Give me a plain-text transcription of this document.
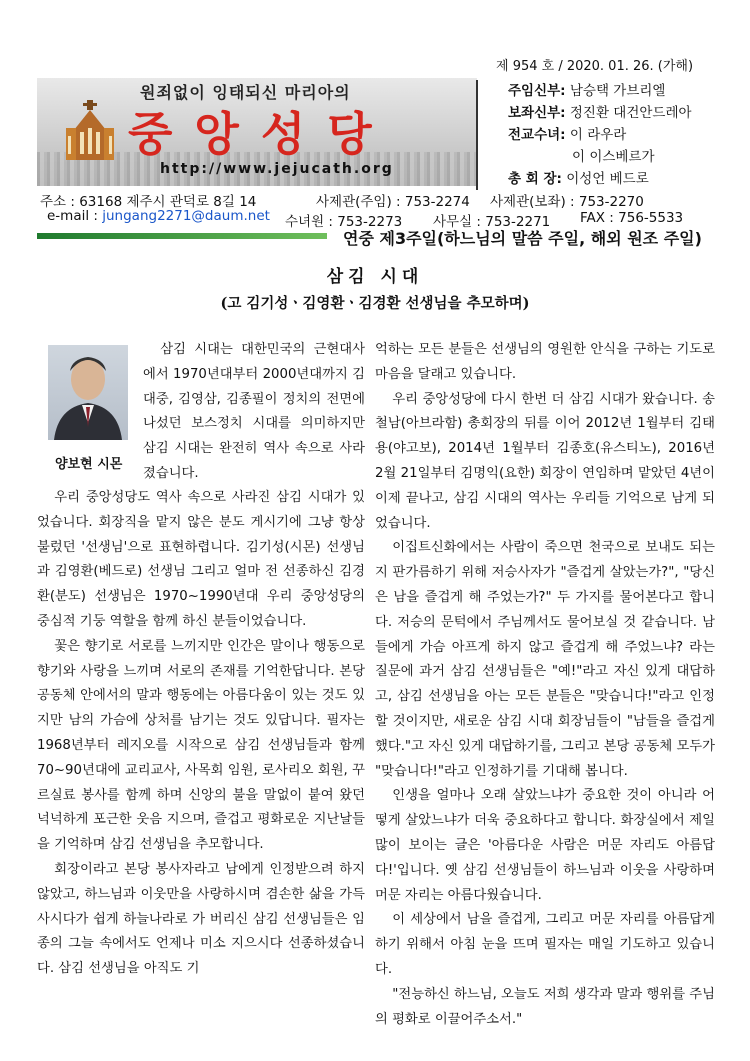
원죄없이 잉태되신 마리아의
중앙성당
http://www.jejucath.org
제 954 호 / 2020. 01. 26. (가해)
주임신부: 남승택 가브리엘
보좌신부: 정진환 대건안드레아
전교수녀: 이 라우라
이 이스베르가
총 회 장: 이성언 베드로
주소 : 63168 제주시 관덕로 8길 14	사제관(주임) : 753-2274 사제관(보좌) : 753-2270
e-mail : jungang2271@daum.net 수녀원 : 753-2273 사무실 : 753-2271 FAX : 756-5533
연중 제3주일(하느님의 말씀 주일, 해외 원조 주일)
삼김 시대
(고 김기성ㆍ김영환ㆍ김경환 선생님을 추모하며)
양보현 시몬

삼김 시대는 대한민국의 근현대사에서 1970년대부터 2000년대까지 김대중, 김영삼, 김종필이 정치의 전면에 나섰던 보스정치 시대를 의미하지만 삼김 시대는 완전히 역사 속으로 사라졌습니다.

우리 중앙성당도 역사 속으로 사라진 삼김 시대가 있었습니다. 회장직을 맡지 않은 분도 게시기에 그냥 항상 불렀던 '선생님'으로 표현하렵니다. 김기성(시몬) 선생님과 김영환(베드로) 선생님 그리고 얼마 전 선종하신 김경환(분도) 선생님은 1970~1990년대 우리 중앙성당의 중심적 기둥 역할을 함께 하신 분들이었습니다.

꽃은 향기로 서로를 느끼지만 인간은 말이나 행동으로 향기와 사랑을 느끼며 서로의 존재를 기억한답니다. 본당 공동체 안에서의 말과 행동에는 아름다움이 있는 것도 있지만 남의 가슴에 상처를 남기는 것도 있답니다. 필자는 1968년부터 레지오를 시작으로 삼김 선생님들과 함께 70~90년대에 교리교사, 사목회 임원, 로사리오 회원, 꾸르실료 봉사를 함께 하며 신앙의 불을 말없이 붙여 왔던 넉넉하게 포근한 웃음 지으며, 즐겁고 평화로운 지난날들을 기억하며 삼김 선생님을 추모합니다.

회장이라고 본당 봉사자라고 남에게 인정받으려 하지 않았고, 하느님과 이웃만을 사랑하시며 겸손한 삶을 가득 사시다가 쉽게 하늘나라로 가 버리신 삼김 선생님들은 임종의 그늘 속에서도 언제나 미소 지으시다 선종하셨습니다. 삼김 선생님을 아직도 기

억하는 모든 분들은 선생님의 영원한 안식을 구하는 기도로 마음을 달래고 있습니다.

우리 중앙성당에 다시 한번 더 삼김 시대가 왔습니다. 송철남(아브라함) 총회장의 뒤를 이어 2012년 1월부터 김태용(야고보), 2014년 1월부터 김종호(유스티노), 2016년 2월 21일부터 김명익(요한) 회장이 연임하며 맡았던 4년이 이제 끝나고, 삼김 시대의 역사는 우리들 기억으로 남게 되었습니다.

이집트신화에서는 사람이 죽으면 천국으로 보내도 되는지 판가름하기 위해 저승사자가 "즐겁게 살았는가?", "당신은 남을 즐겁게 해 주었는가?" 두 가지를 물어본다고 합니다. 저승의 문턱에서 주님께서도 물어보실 것 같습니다. 남들에게 가슴 아프게 하지 않고 즐겁게 해 주었느냐? 라는 질문에 과거 삼김 선생님들은 "예!"라고 자신 있게 대답하고, 삼김 선생님을 아는 모든 분들은 "맞습니다!"라고 인정할 것이지만, 새로운 삼김 시대 회장님들이 "남들을 즐겁게 했다."고 자신 있게 대답하기를, 그리고 본당 공동체 모두가 "맞습니다!"라고 인정하기를 기대해 봅니다.

인생을 얼마나 오래 살았느냐가 중요한 것이 아니라 어떻게 살았느냐가 더욱 중요하다고 합니다. 화장실에서 제일 많이 보이는 글은 '아름다운 사람은 머문 자리도 아름답다!'입니다. 옛 삼김 선생님들이 하느님과 이웃을 사랑하며 머문 자리는 아름다웠습니다.

이 세상에서 남을 즐겁게, 그리고 머문 자리를 아름답게 하기 위해서 아침 눈을 뜨며 필자는 매일 기도하고 있습니다.

"전능하신 하느님, 오늘도 저희 생각과 말과 행위를 주님의 평화로 이끌어주소서."
